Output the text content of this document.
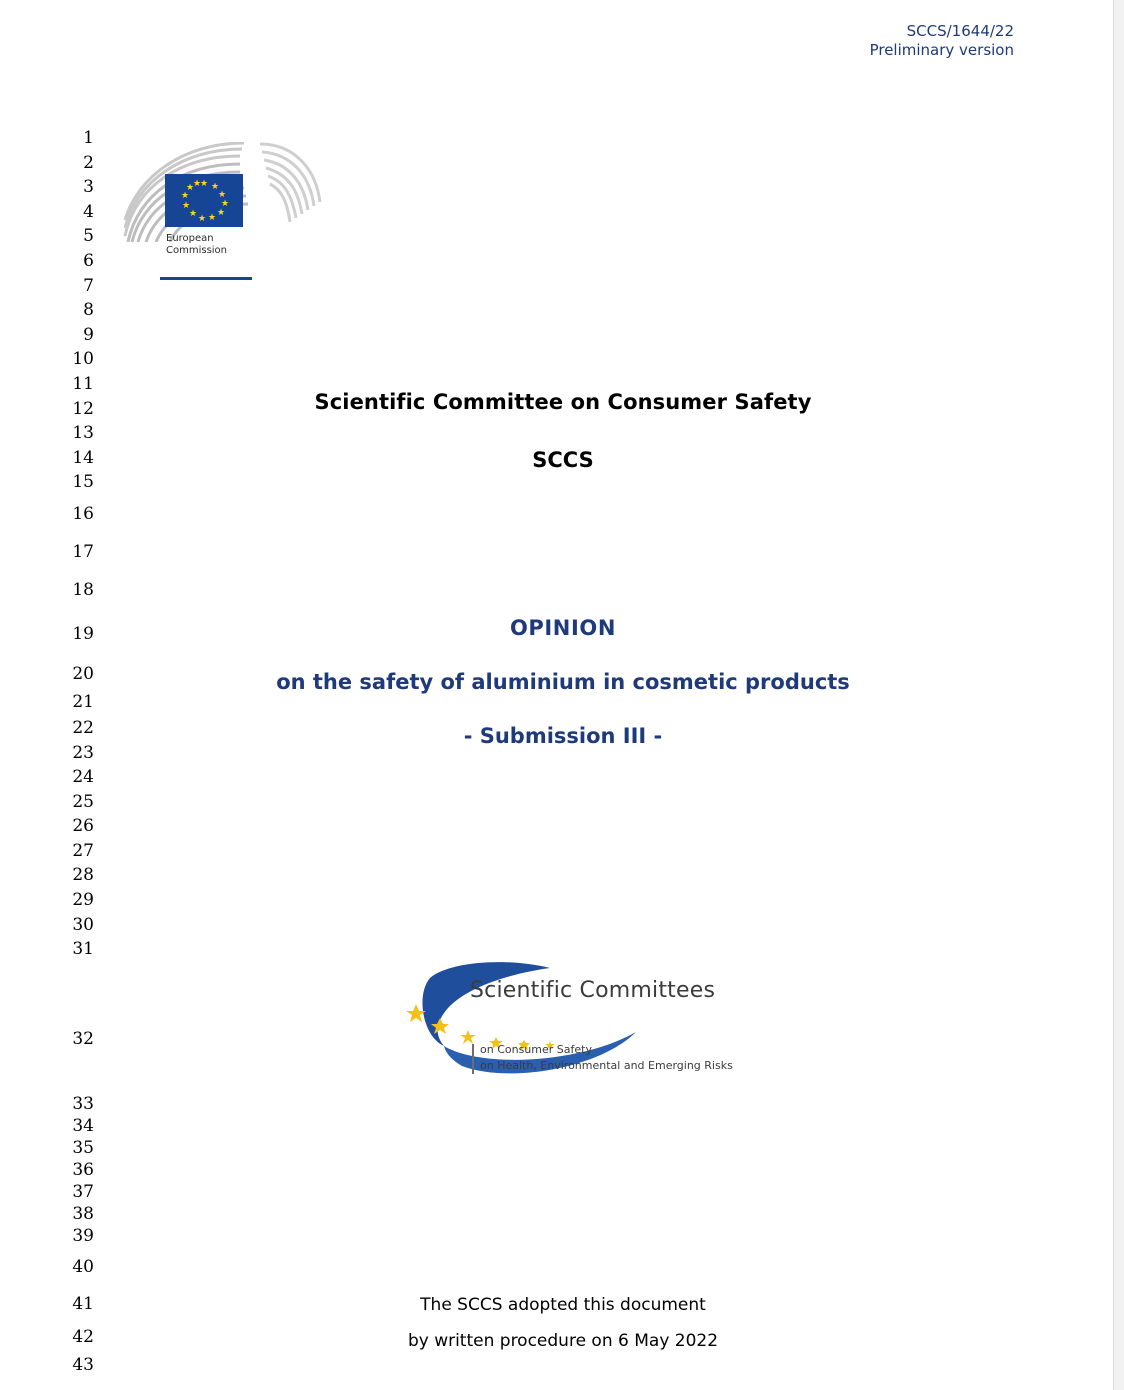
SCCS/1644/22
Preliminary version
1
2
3
4
5
6
7
8
9
10
11
12
13
14
15
16
17
18
19
20
21
22
23
24
25
26
27
28
29
30
31
32
33
34
35
36
37
38
39
40
41
42
43
★ ★
★
★
★
★
★
★
★
★
★
★
European
Commission
Scientific Committee on Consumer Safety
SCCS
OPINION
on the safety of aluminium in cosmetic products
- Submission III -
Scientific Committees
on Consumer Safety
on Health, Environmental and Emerging Risks
The SCCS adopted this document
by written procedure on 6 May 2022
